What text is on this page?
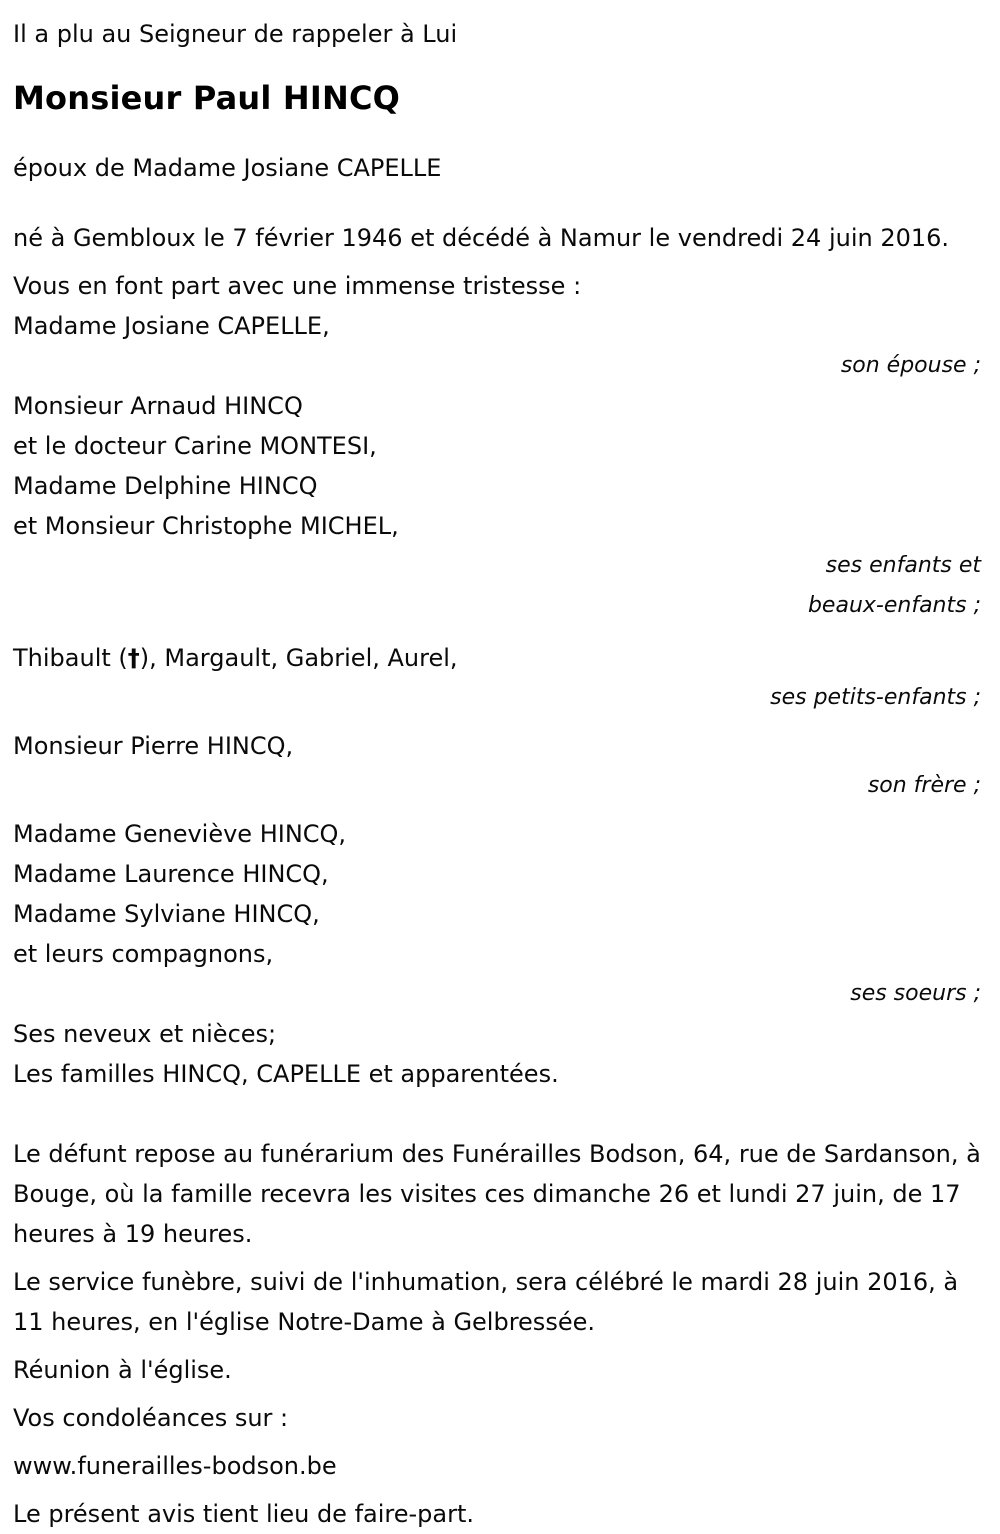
Il a plu au Seigneur de rappeler à Lui
Monsieur Paul HINCQ
époux de Madame Josiane CAPELLE
né à Gembloux le 7 février 1946 et décédé à Namur le vendredi 24 juin 2016.
Vous en font part avec une immense tristesse :
Madame Josiane CAPELLE,
son épouse ;
Monsieur Arnaud HINCQ
et le docteur Carine MONTESI,
Madame Delphine HINCQ
et Monsieur Christophe MICHEL,
ses enfants et
beaux-enfants ;
Thibault (†), Margault, Gabriel, Aurel,
ses petits-enfants ;
Monsieur Pierre HINCQ,
son frère ;
Madame Geneviève HINCQ,
Madame Laurence HINCQ,
Madame Sylviane HINCQ,
et leurs compagnons,
ses soeurs ;
Ses neveux et nièces;
Les familles HINCQ, CAPELLE et apparentées.
Le défunt repose au funérarium des Funérailles Bodson, 64, rue de Sardanson, à Bouge, où la famille recevra les visites ces dimanche 26 et lundi 27 juin, de 17 heures à 19 heures.
Le service funèbre, suivi de l'inhumation, sera célébré le mardi 28 juin 2016, à 11 heures, en l'église Notre-Dame à Gelbressée.
Réunion à l'église.
Vos condoléances sur :
www.funerailles-bodson.be
Le présent avis tient lieu de faire-part.
